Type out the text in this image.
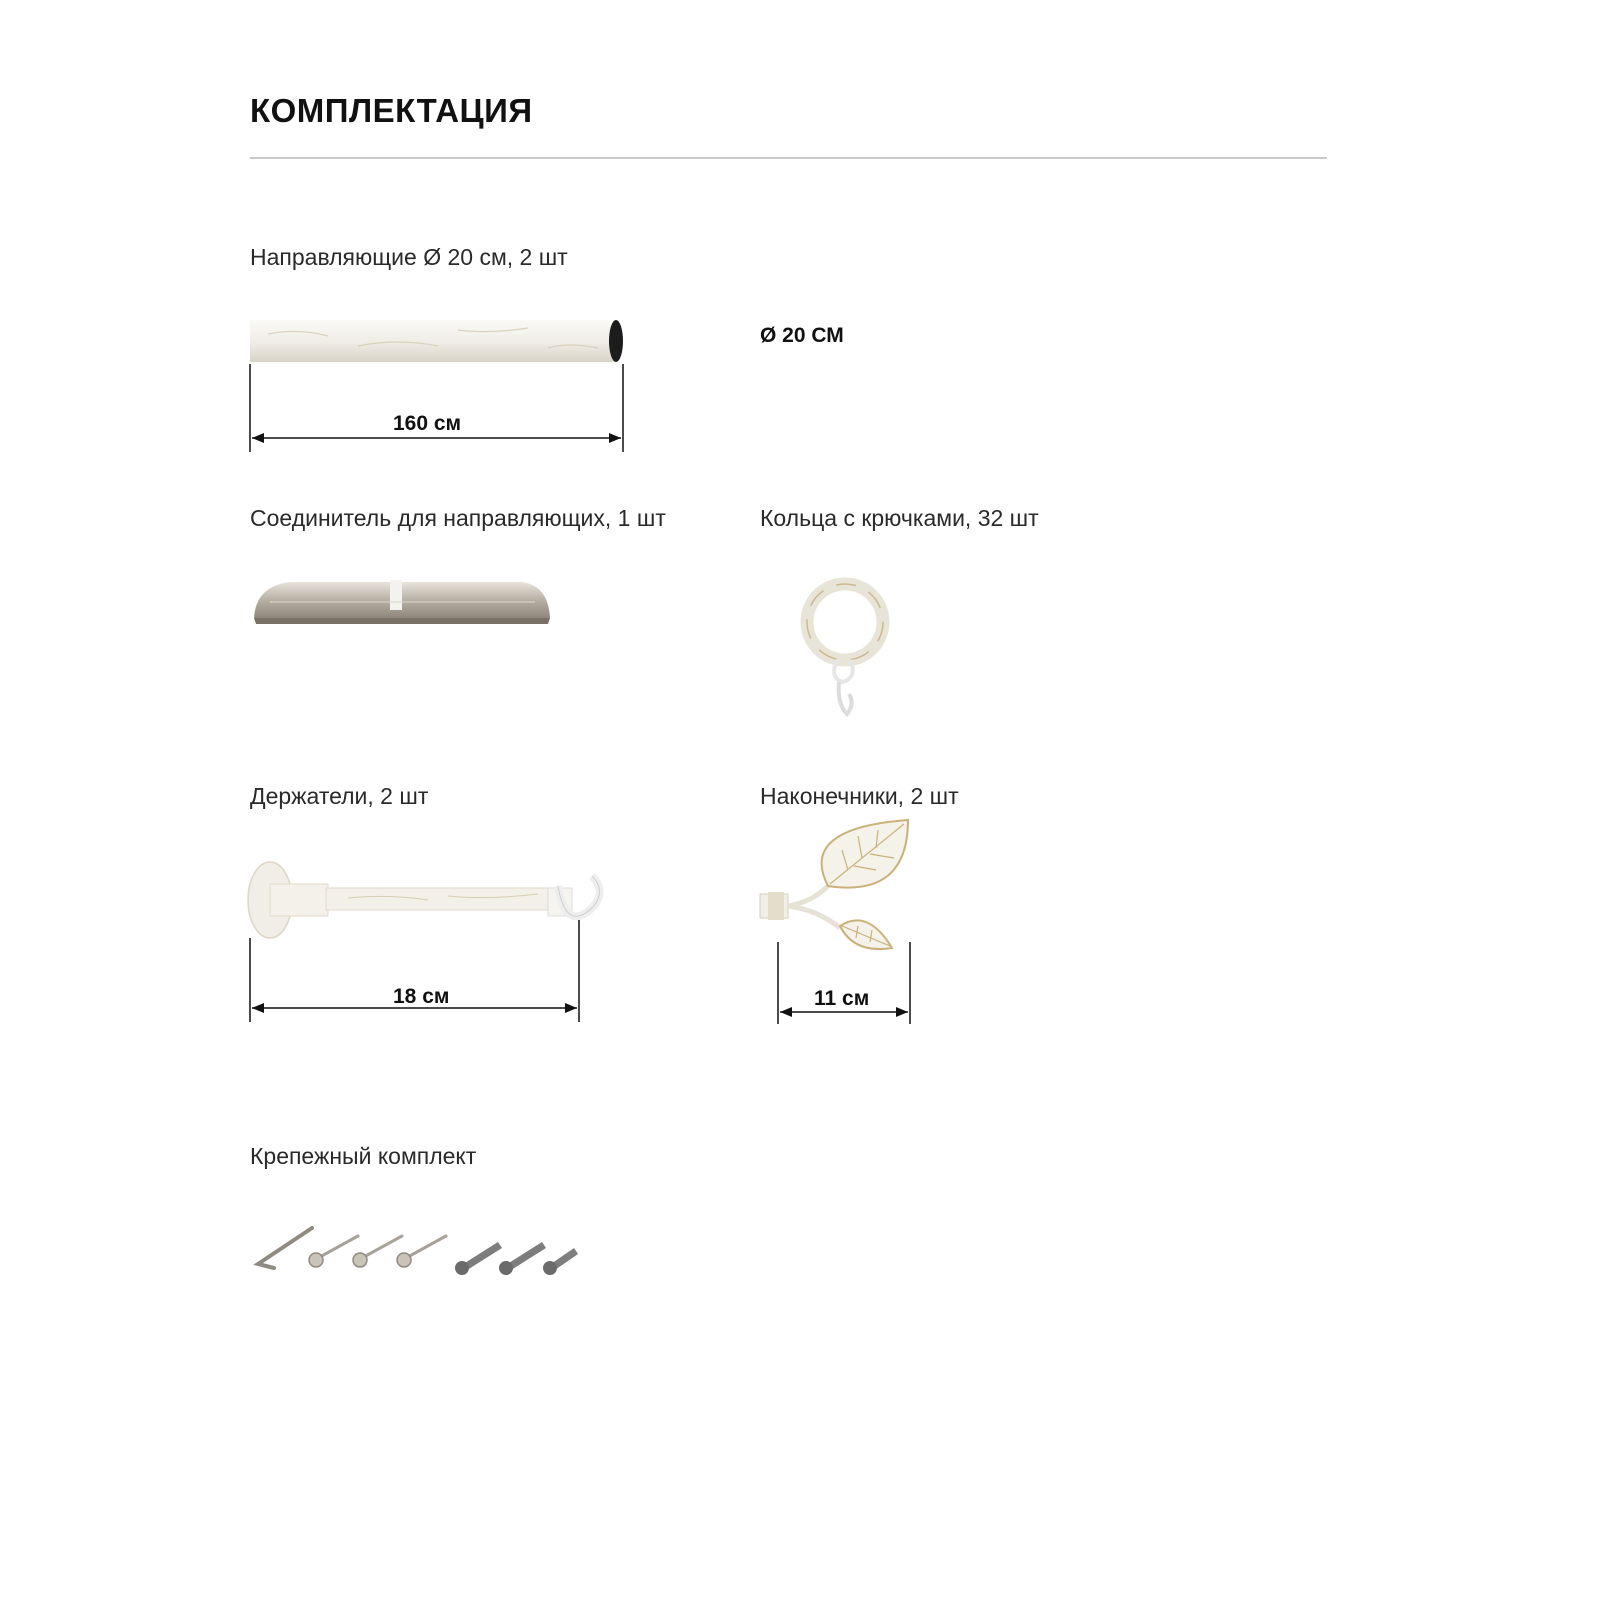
КОМПЛЕКТАЦИЯ
Направляющие Ø 20 см, 2 шт
160 см
Ø 20 СМ
Соединитель для направляющих, 1 шт	Кольца с крючками, 32 шт
Держатели, 2 шт
18 см
Наконечники, 2 шт
11 см
Крепежный комплект
